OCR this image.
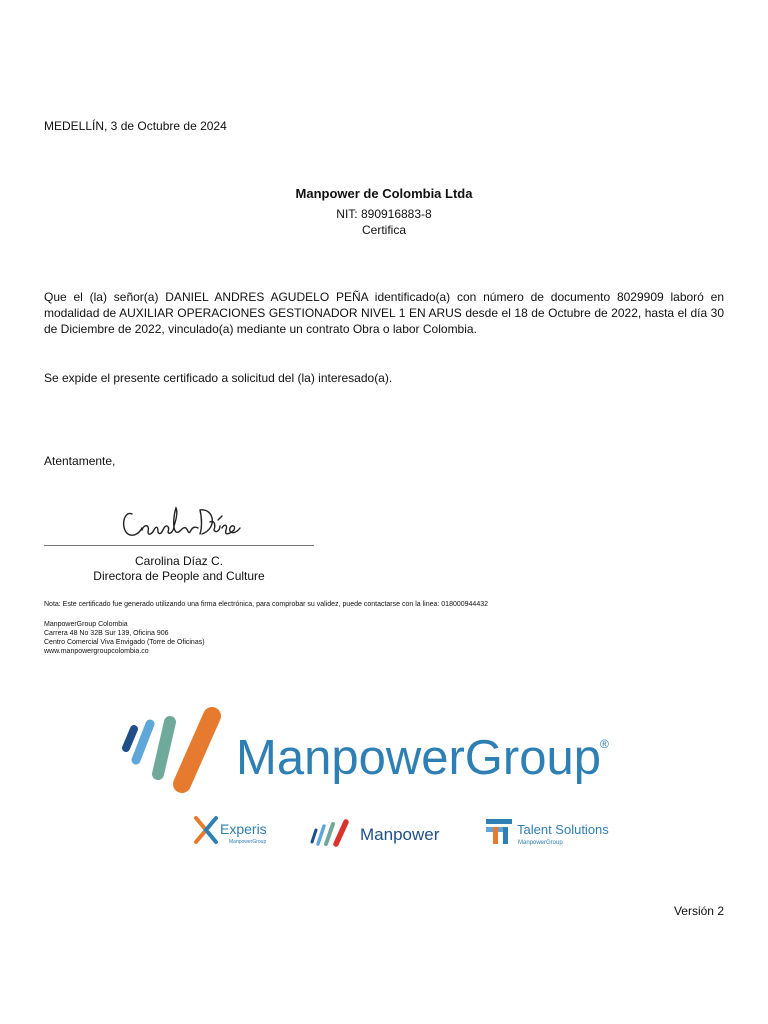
MEDELLÍN, 3 de Octubre de 2024
Manpower de Colombia Ltda
NIT: 890916883-8
Certifica
Que el (la) señor(a) DANIEL ANDRES AGUDELO PEÑA identificado(a) con número de documento 8029909 laboró en modalidad de AUXILIAR OPERACIONES GESTIONADOR NIVEL 1 EN ARUS desde el 18 de Octubre de 2022, hasta el día 30 de Diciembre de 2022, vinculado(a) mediante un contrato Obra o labor Colombia.
Se expide el presente certificado a solicitud del (la) interesado(a).
Atentamente,
Carolina Díaz C.
Directora de People and Culture
Nota: Este certificado fue generado utilizando una firma electrónica, para comprobar su validez, puede contactarse con la linea: 018000944432
ManpowerGroup Colombia
Carrera 48 No 32B Sur 139, Oficina 906
Centro Comercial Viva Envigado (Torre de Oficinas)
www.manpowergroupcolombia.co
ManpowerGroup ®
Experis
ManpowerGroup	Manpower	Talent Solutions
ManpowerGroup
Versión 2
